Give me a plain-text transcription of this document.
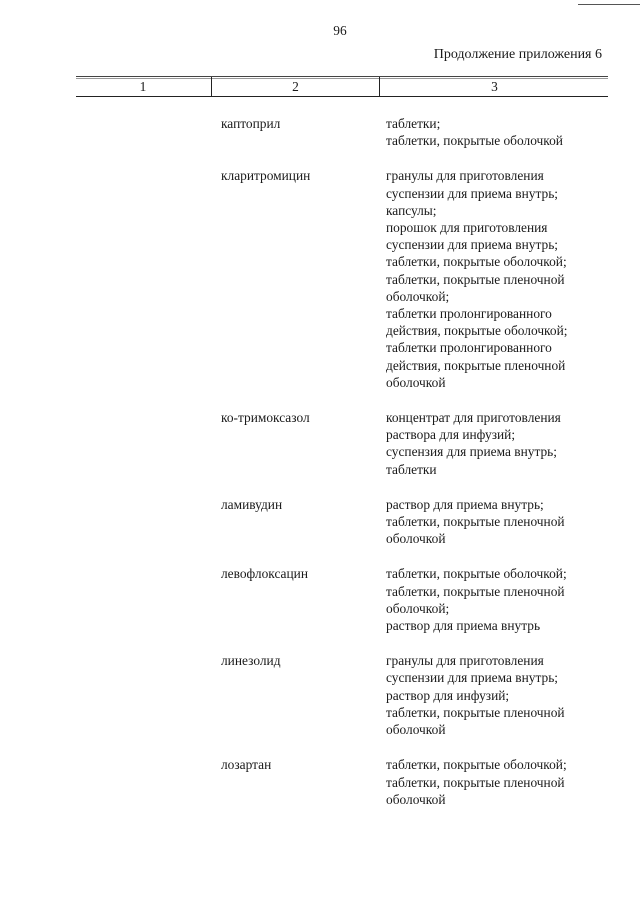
96
Продолжение приложения 6
1	2	3
каптоприл	таблетки;
таблетки, покрытые оболочкой
кларитромицин	гранулы для приготовления
суспензии для приема внутрь;
капсулы;
порошок для приготовления
суспензии для приема внутрь;
таблетки, покрытые оболочкой;
таблетки, покрытые пленочной
оболочкой;
таблетки пролонгированного
действия, покрытые оболочкой;
таблетки пролонгированного
действия, покрытые пленочной
оболочкой
ко-тримоксазол	концентрат для приготовления
раствора для инфузий;
суспензия для приема внутрь;
таблетки
ламивудин	раствор для приема внутрь;
таблетки, покрытые пленочной
оболочкой
левофлоксацин	таблетки, покрытые оболочкой;
таблетки, покрытые пленочной
оболочкой;
раствор для приема внутрь
линезолид	гранулы для приготовления
суспензии для приема внутрь;
раствор для инфузий;
таблетки, покрытые пленочной
оболочкой
лозартан	таблетки, покрытые оболочкой;
таблетки, покрытые пленочной
оболочкой
